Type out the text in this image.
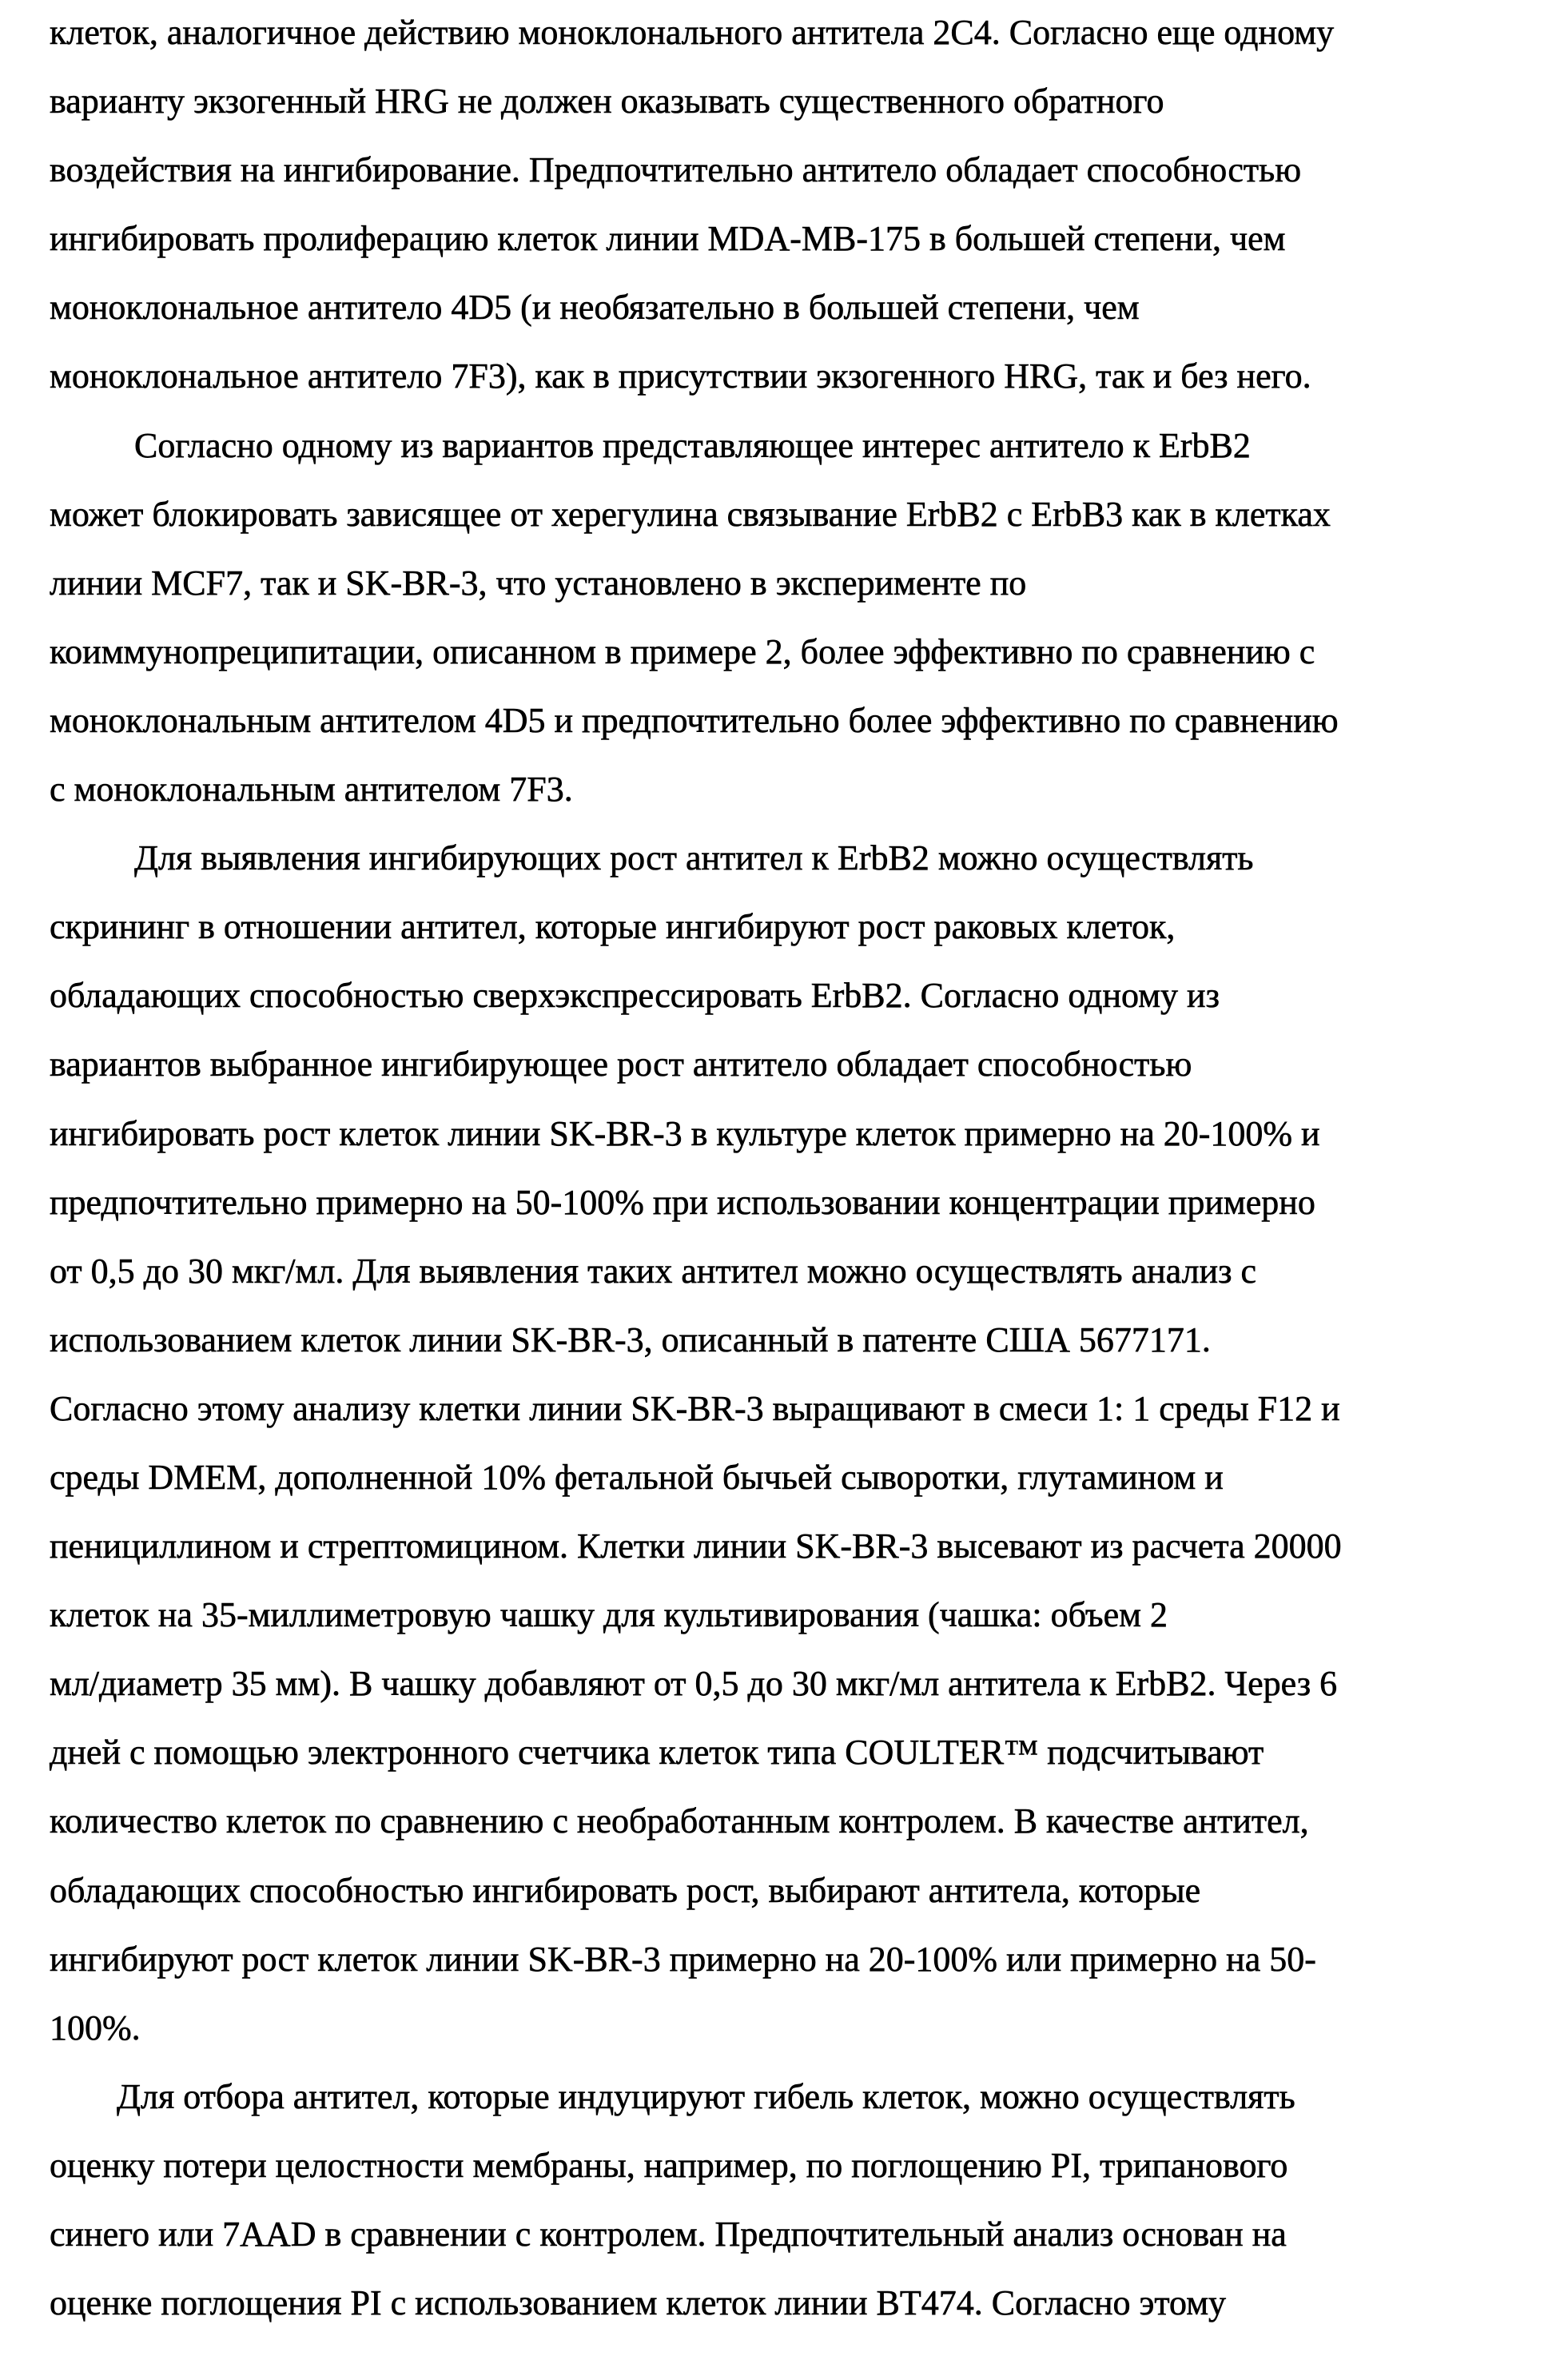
клеток, аналогичное действию моноклонального антитела 2C4. Согласно еще одному
варианту экзогенный HRG не должен оказывать существенного обратного
воздействия на ингибирование. Предпочтительно антитело обладает способностью
ингибировать пролиферацию клеток линии MDA-MB-175 в большей степени, чем
моноклональное антитело 4D5 (и необязательно в большей степени, чем
моноклональное антитело 7F3), как в присутствии экзогенного HRG, так и без него.
Согласно одному из вариантов представляющее интерес антитело к ErbB2
может блокировать зависящее от херегулина связывание ErbB2 с ErbB3 как в клетках
линии MCF7, так и SK-BR-3, что установлено в эксперименте по
коиммунопреципитации, описанном в примере 2, более эффективно по сравнению с
моноклональным антителом 4D5 и предпочтительно более эффективно по сравнению
с моноклональным антителом 7F3.
Для выявления ингибирующих рост антител к ErbB2 можно осуществлять
скрининг в отношении антител, которые ингибируют рост раковых клеток,
обладающих способностью сверхэкспрессировать ErbB2. Согласно одному из
вариантов выбранное ингибирующее рост антитело обладает способностью
ингибировать рост клеток линии SK-BR-3 в культуре клеток примерно на 20-100% и
предпочтительно примерно на 50-100% при использовании концентрации примерно
от 0,5 до 30 мкг/мл. Для выявления таких антител можно осуществлять анализ с
использованием клеток линии SK-BR-3, описанный в патенте США 5677171.
Согласно этому анализу клетки линии SK-BR-3 выращивают в смеси 1: 1 среды F12 и
среды DMEM, дополненной 10% фетальной бычьей сыворотки, глутамином и
пенициллином и стрептомицином. Клетки линии SK-BR-3 высевают из расчета 20000
клеток на 35-миллиметровую чашку для культивирования (чашка: объем 2
мл/диаметр 35 мм). В чашку добавляют от 0,5 до 30 мкг/мл антитела к ErbB2. Через 6
дней с помощью электронного счетчика клеток типа COULTER™ подсчитывают
количество клеток по сравнению с необработанным контролем. В качестве антител,
обладающих способностью ингибировать рост, выбирают антитела, которые
ингибируют рост клеток линии SK-BR-3 примерно на 20-100% или примерно на 50-
100%.
Для отбора антител, которые индуцируют гибель клеток, можно осуществлять
оценку потери целостности мембраны, например, по поглощению PI, трипанового
синего или 7AAD в сравнении с контролем. Предпочтительный анализ основан на
оценке поглощения PI с использованием клеток линии BT474. Согласно этому
